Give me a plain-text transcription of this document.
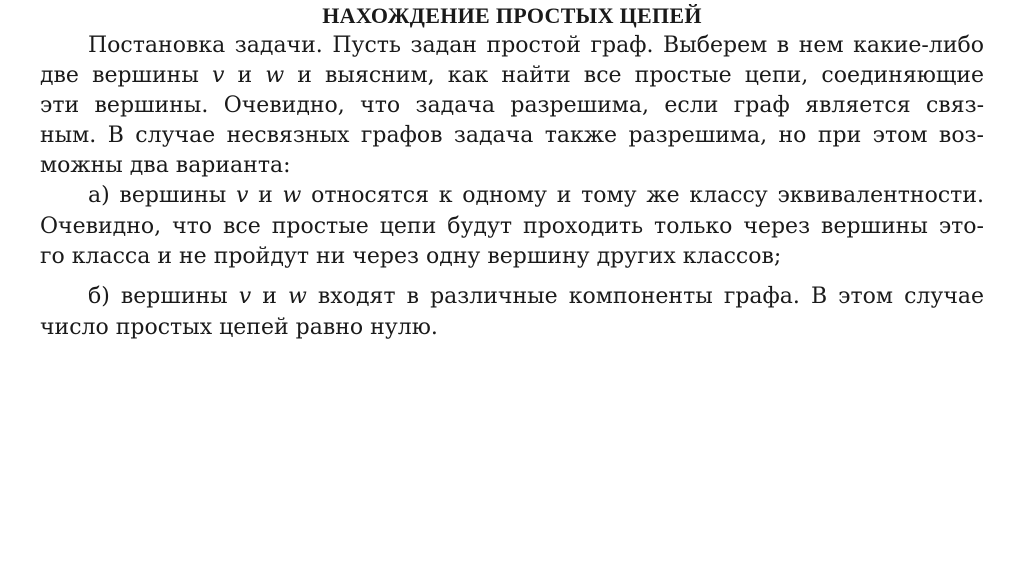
НАХОЖДЕНИЕ ПРОСТЫХ ЦЕПЕЙ
Постановка задачи. Пусть задан простой граф. Выберем в нем какие-либо
две вершины v и w и выясним, как найти все простые цепи, соединяющие
эти вершины. Очевидно, что задача разрешима, если граф является связ-
ным. В случае несвязных графов задача также разрешима, но при этом воз-
можны два варианта:
а) вершины v и w относятся к одному и тому же классу эквивалентности.
Очевидно, что все простые цепи будут проходить только через вершины это-
го класса и не пройдут ни через одну вершину других классов;
б) вершины v и w входят в различные компоненты графа. В этом случае
число простых цепей равно нулю.
